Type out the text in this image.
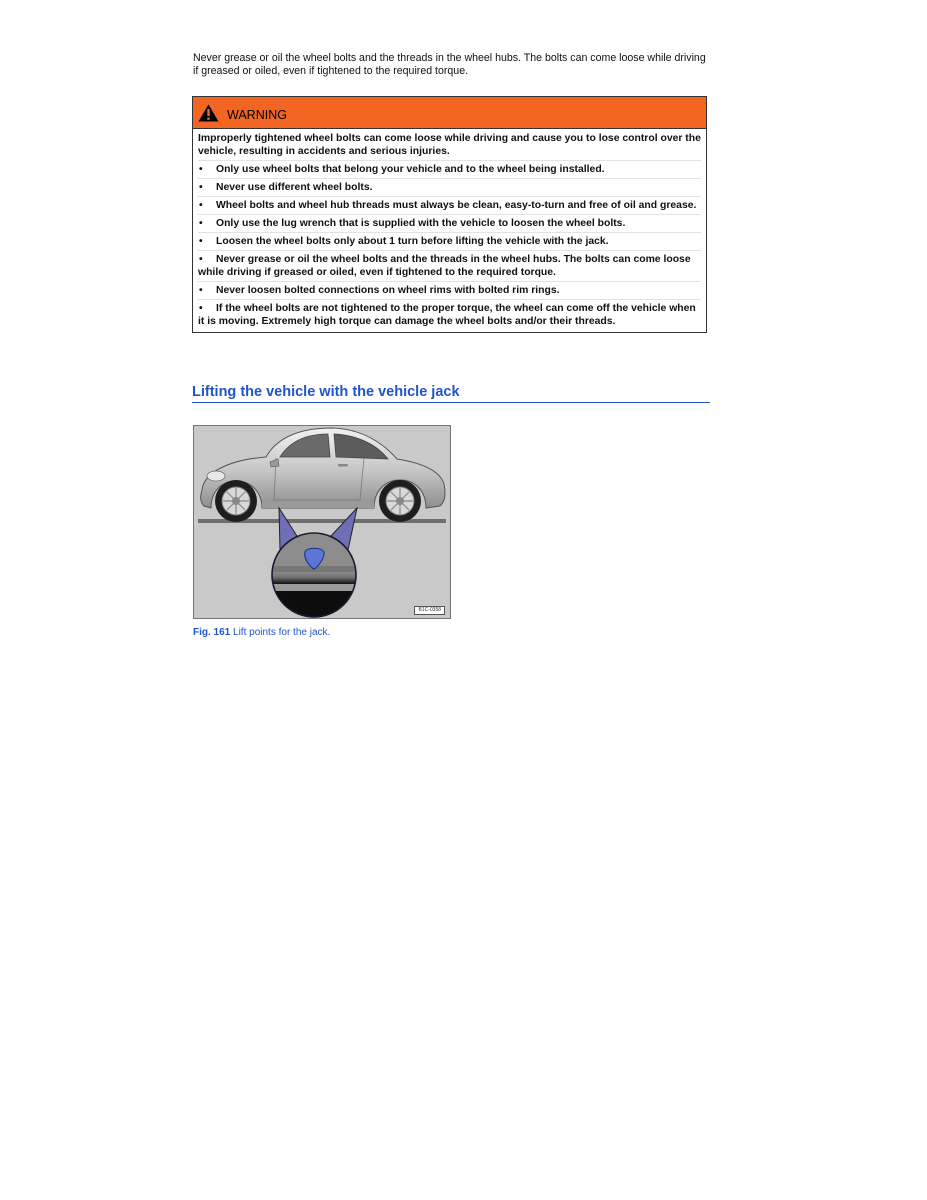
Never grease or oil the wheel bolts and the threads in the wheel hubs. The bolts can come loose while driving if greased or oiled, even if tightened to the required torque.

WARNING
Improperly tightened wheel bolts can come loose while driving and cause you to lose control over the vehicle, resulting in accidents and serious injuries.
• Only use wheel bolts that belong your vehicle and to the wheel being installed.
• Never use different wheel bolts.
• Wheel bolts and wheel hub threads must always be clean, easy-to-turn and free of oil and grease.
• Only use the lug wrench that is supplied with the vehicle to loosen the wheel bolts.
• Loosen the wheel bolts only about 1 turn before lifting the vehicle with the jack.
• Never grease or oil the wheel bolts and the threads in the wheel hubs. The bolts can come loose while driving if greased or oiled, even if tightened to the required torque.
• Never loosen bolted connections on wheel rims with bolted rim rings.
• If the wheel bolts are not tightened to the proper torque, the wheel can come off the vehicle when it is moving. Extremely high torque can damage the wheel bolts and/or their threads.
Lifting the vehicle with the vehicle jack
B1C-0358
Fig. 161 Lift points for the jack.
